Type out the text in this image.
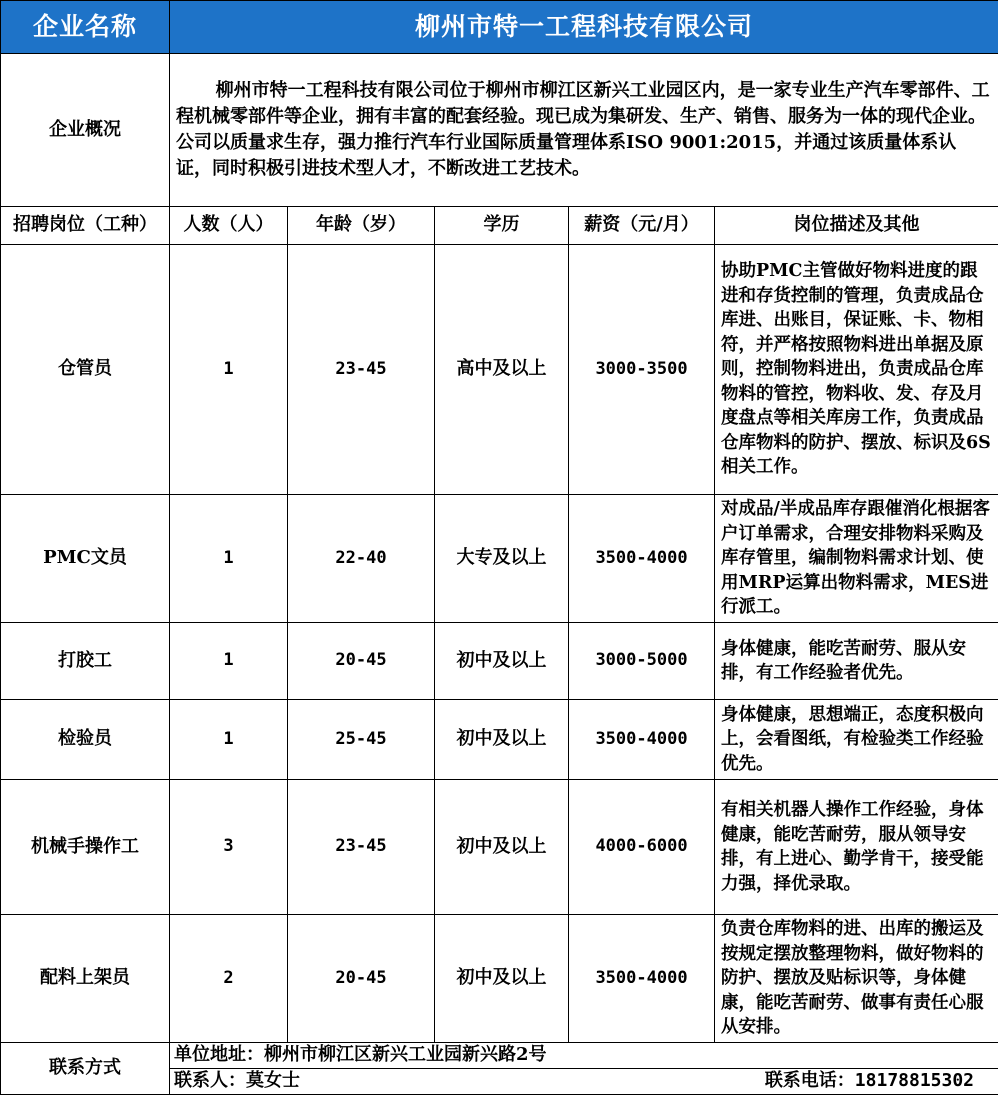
企业名称	柳州市特一工程科技有限公司				
企业概况	柳州市特一工程科技有限公司位于柳州市柳江区新兴工业园区内，是一家专业生产汽车零部件、工程机械零部件等企业，拥有丰富的配套经验。现已成为集研发、生产、销售、服务为一体的现代企业。公司以质量求生存，强力推行汽车行业国际质量管理体系ISO 9001:2015，并通过该质量体系认证，同时积极引进技术型人才，不断改进工艺技术。				
招聘岗位（工种）	人数（人）	年龄（岁）	学历	薪资（元/月）	岗位描述及其他
仓管员	1	23-45	高中及以上	3000-3500	协助PMC主管做好物料进度的跟进和存货控制的管理，负责成品仓库进、出账目，保证账、卡、物相符，并严格按照物料进出单据及原则，控制物料进出，负责成品仓库物料的管控，物料收、发、存及月度盘点等相关库房工作，负责成品仓库物料的防护、摆放、标识及6S相关工作。
PMC文员	1	22-40	大专及以上	3500-4000	对成品/半成品库存跟催消化根据客户订单需求，合理安排物料采购及库存管里，编制物料需求计划、使用MRP运算出物料需求，MES进行派工。
打胶工	1	20-45	初中及以上	3000-5000	身体健康，能吃苦耐劳、服从安排，有工作经验者优先。
检验员	1	25-45	初中及以上	3500-4000	身体健康，思想端正，态度积极向上，会看图纸，有检验类工作经验优先。
机械手操作工	3	23-45	初中及以上	4000-6000	有相关机器人操作工作经验，身体健康，能吃苦耐劳，服从领导安排，有上进心、勤学肯干，接受能力强，择优录取。
配料上架员	2	20-45	初中及以上	3500-4000	负责仓库物料的进、出库的搬运及按规定摆放整理物料，做好物料的防护、摆放及贴标识等，身体健康，能吃苦耐劳、做事有责任心服从安排。
联系方式	单位地址：柳州市柳江区新兴工业园新兴路2号				

	联系人：莫女士 联系电话：18178815302				
